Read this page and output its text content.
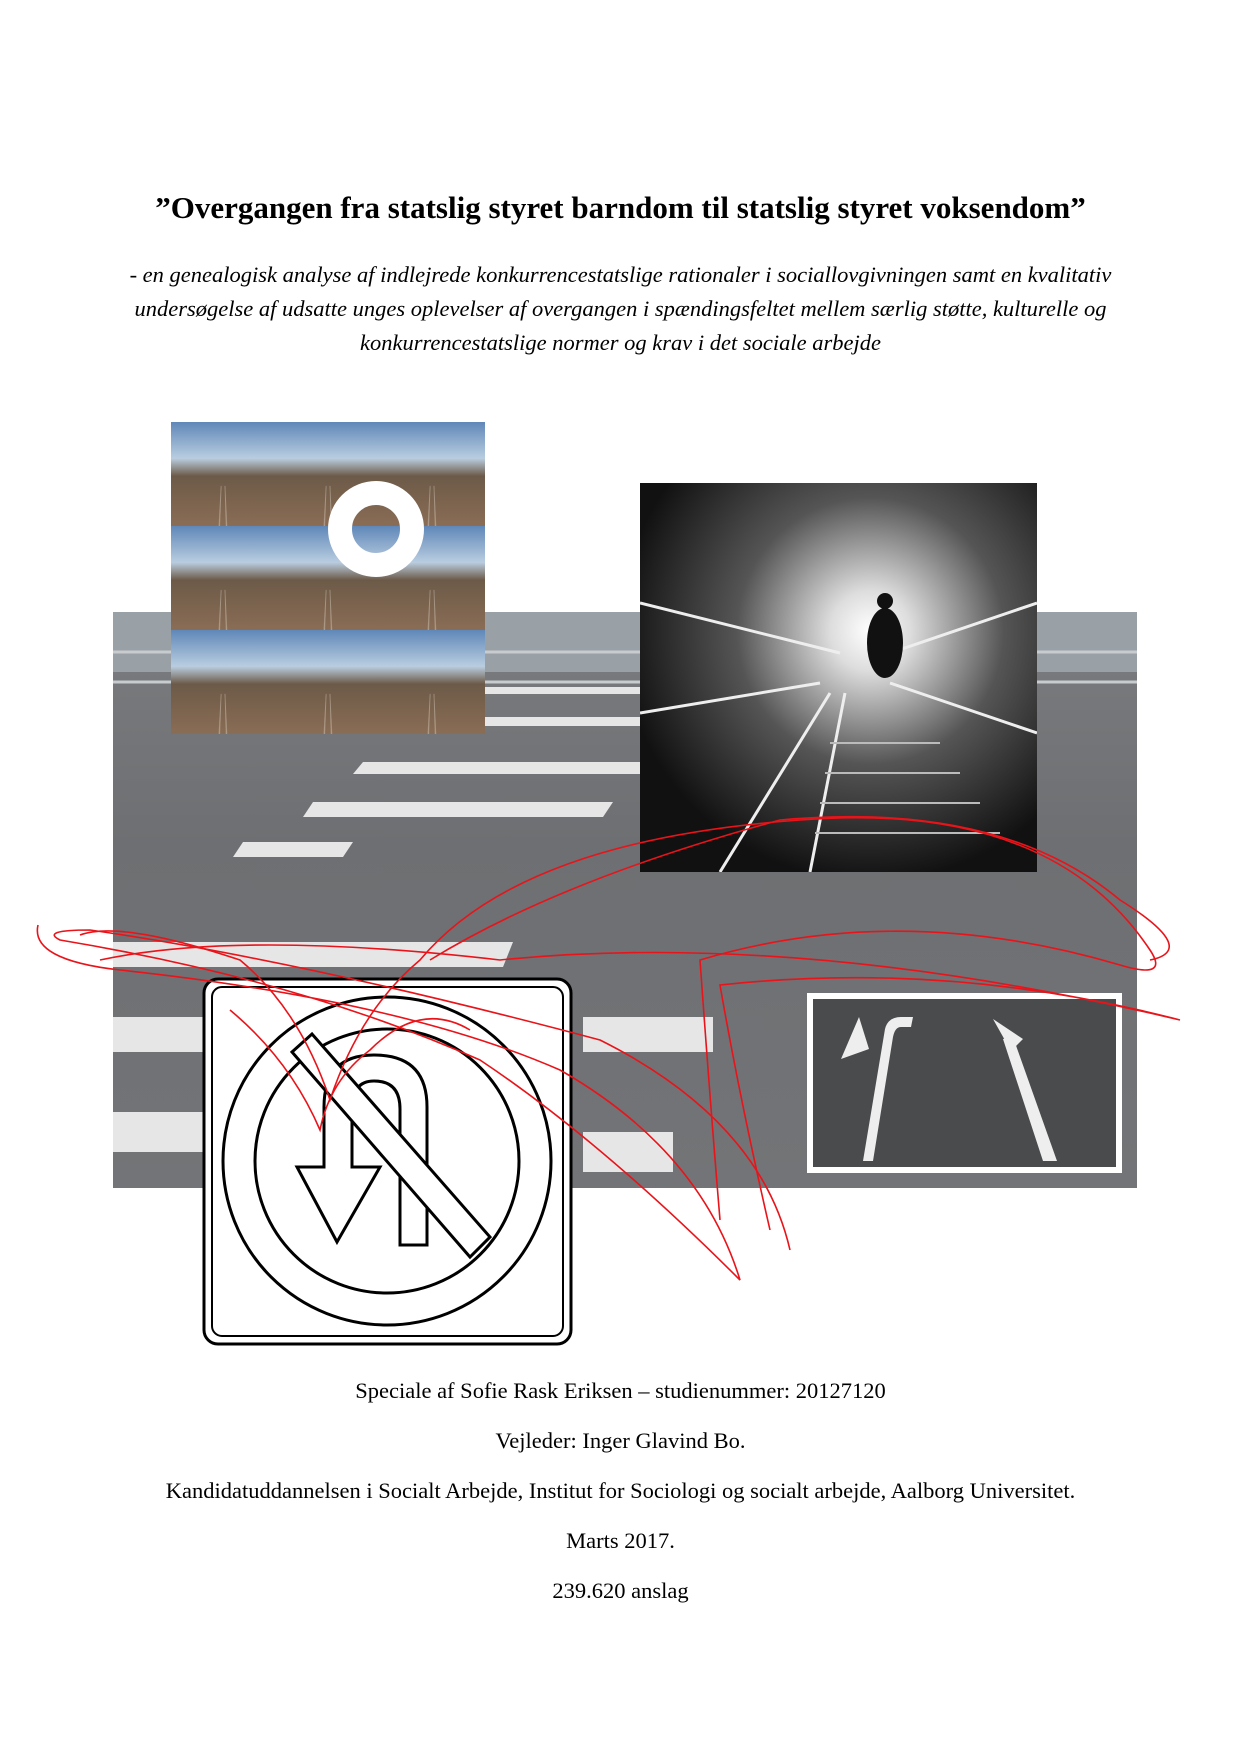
”Overgangen fra statslig styret barndom til statslig styret voksendom”
- en genealogisk analyse af indlejrede konkurrencestatslige rationaler i sociallovgivningen samt en kvalitativ undersøgelse af udsatte unges oplevelser af overgangen i spændingsfeltet mellem særlig støtte, kulturelle og konkurrencestatslige normer og krav i det sociale arbejde
Speciale af Sofie Rask Eriksen – studienummer: 20127120
Vejleder: Inger Glavind Bo.
Kandidatuddannelsen i Socialt Arbejde, Institut for Sociologi og socialt arbejde, Aalborg Universitet.
Marts 2017.
239.620 anslag
